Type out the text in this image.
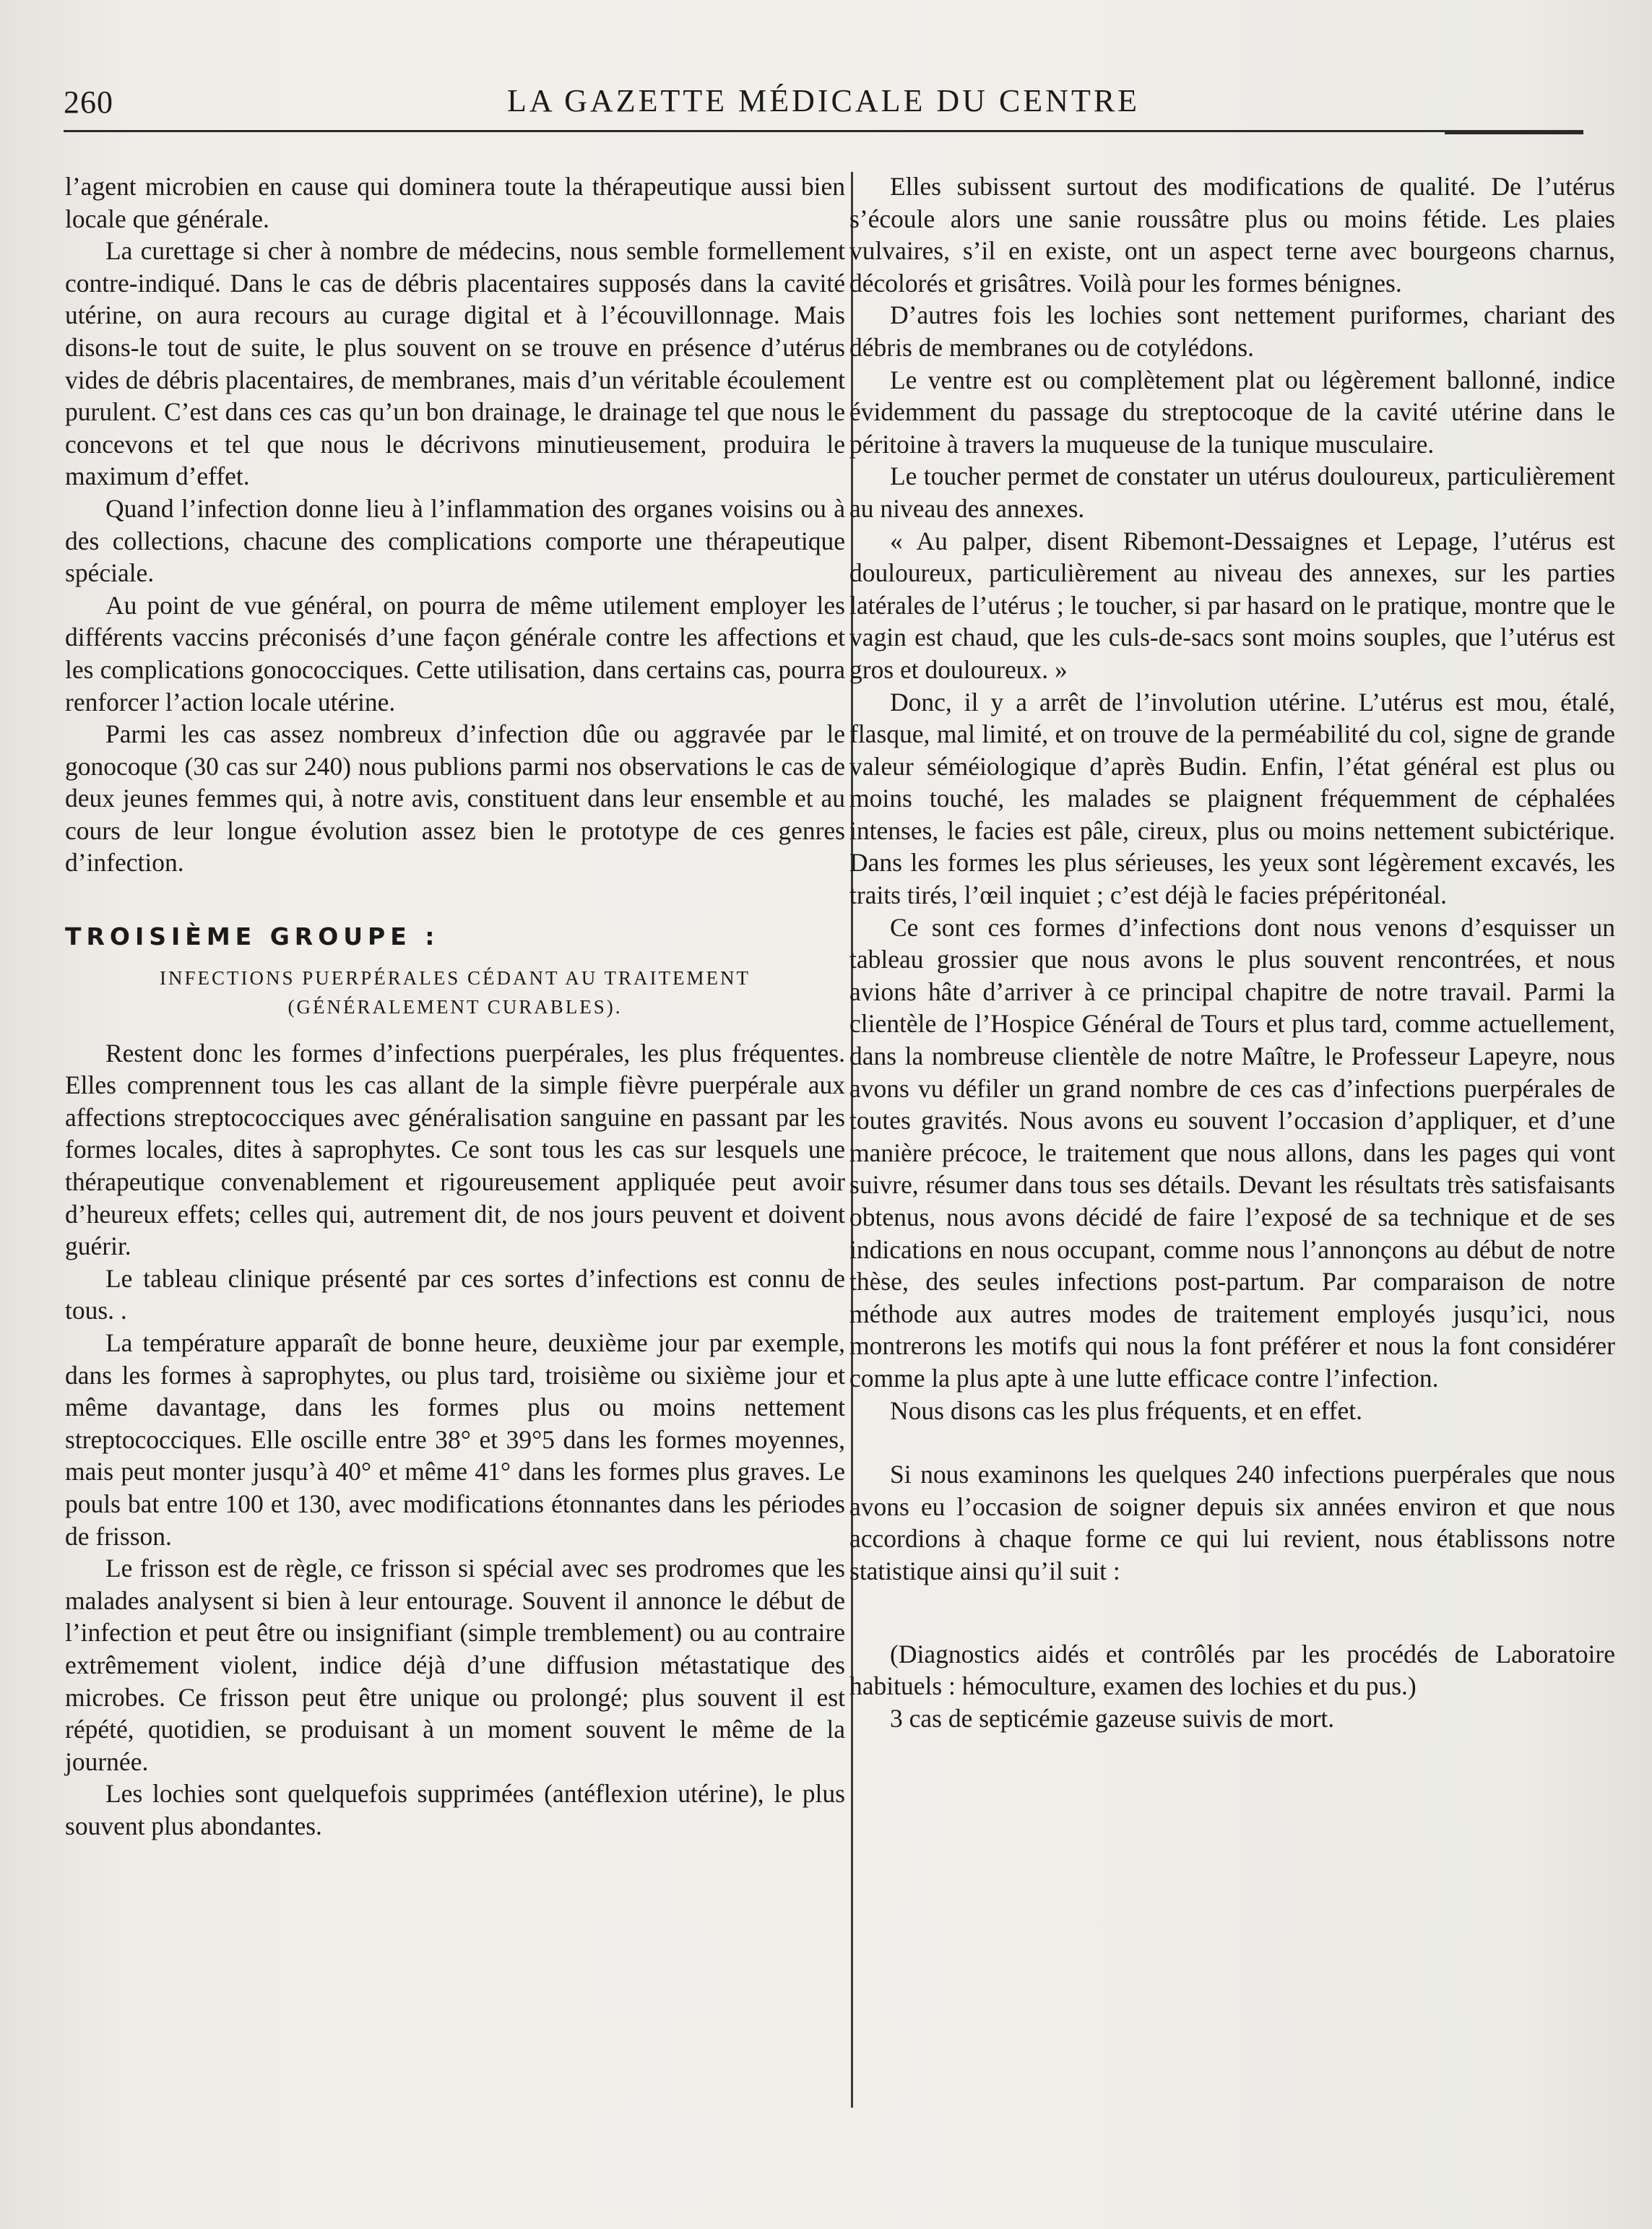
260	LA GAZETTE MÉDICALE DU CENTRE

l’agent microbien en cause qui dominera toute la thérapeutique aussi bien locale que générale.

La curettage si cher à nombre de médecins, nous semble formellement contre-indiqué. Dans le cas de débris placentaires supposés dans la cavité utérine, on aura recours au curage digital et à l’écouvillonnage. Mais disons-le tout de suite, le plus souvent on se trouve en présence d’utérus vides de débris placentaires, de membranes, mais d’un véritable écoulement purulent. C’est dans ces cas qu’un bon drainage, le drainage tel que nous le concevons et tel que nous le décrivons minutieusement, produira le maximum d’effet.

Quand l’infection donne lieu à l’inflammation des organes voisins ou à des collections, chacune des complications comporte une thérapeutique spéciale.

Au point de vue général, on pourra de même utilement employer les différents vaccins préconisés d’une façon générale contre les affections et les complications gonococciques. Cette utilisation, dans certains cas, pourra renforcer l’action locale utérine.

Parmi les cas assez nombreux d’infection dûe ou aggravée par le gonocoque (30 cas sur 240) nous publions parmi nos observations le cas de deux jeunes femmes qui, à notre avis, constituent dans leur ensemble et au cours de leur longue évolution assez bien le prototype de ces genres d’infection.

TROISIÈME GROUPE :
INFECTIONS PUERPÉRALES CÉDANT AU TRAITEMENT
(GÉNÉRALEMENT CURABLES).

Restent donc les formes d’infections puerpérales, les plus fréquentes. Elles comprennent tous les cas allant de la simple fièvre puerpérale aux affections streptococciques avec généralisation sanguine en passant par les formes locales, dites à saprophytes. Ce sont tous les cas sur lesquels une thérapeutique convenablement et rigoureusement appliquée peut avoir d’heureux effets; celles qui, autrement dit, de nos jours peuvent et doivent guérir.

Le tableau clinique présenté par ces sortes d’infections est connu de tous. .

La température apparaît de bonne heure, deuxième jour par exemple, dans les formes à saprophytes, ou plus tard, troisième ou sixième jour et même davantage, dans les formes plus ou moins nettement streptococciques. Elle oscille entre 38° et 39°5 dans les formes moyennes, mais peut monter jusqu’à 40° et même 41° dans les formes plus graves. Le pouls bat entre 100 et 130, avec modifications étonnantes dans les périodes de frisson.

Le frisson est de règle, ce frisson si spécial avec ses prodromes que les malades analysent si bien à leur entourage. Souvent il annonce le début de l’infection et peut être ou insignifiant (simple tremblement) ou au contraire extrêmement violent, indice déjà d’une diffusion métastatique des microbes. Ce frisson peut être unique ou prolongé; plus souvent il est répété, quotidien, se produisant à un moment souvent le même de la journée.

Les lochies sont quelquefois supprimées (antéflexion utérine), le plus souvent plus abondantes.

Elles subissent surtout des modifications de qualité. De l’utérus s’écoule alors une sanie roussâtre plus ou moins fétide. Les plaies vulvaires, s’il en existe, ont un aspect terne avec bourgeons charnus, décolorés et grisâtres. Voilà pour les formes bénignes.

D’autres fois les lochies sont nettement puriformes, chariant des débris de membranes ou de cotylédons.

Le ventre est ou complètement plat ou légèrement ballonné, indice évidemment du passage du streptocoque de la cavité utérine dans le péritoine à travers la muqueuse de la tunique musculaire.

Le toucher permet de constater un utérus douloureux, particulièrement au niveau des annexes.

« Au palper, disent Ribemont-Dessaignes et Lepage, l’utérus est douloureux, particulièrement au niveau des annexes, sur les parties latérales de l’utérus ; le toucher, si par hasard on le pratique, montre que le vagin est chaud, que les culs-de-sacs sont moins souples, que l’utérus est gros et douloureux. »

Donc, il y a arrêt de l’involution utérine. L’utérus est mou, étalé, flasque, mal limité, et on trouve de la perméabilité du col, signe de grande valeur séméiologique d’après Budin. Enfin, l’état général est plus ou moins touché, les malades se plaignent fréquemment de céphalées intenses, le facies est pâle, cireux, plus ou moins nettement subictérique. Dans les formes les plus sérieuses, les yeux sont légèrement excavés, les traits tirés, l’œil inquiet ; c’est déjà le facies prépéritonéal.

Ce sont ces formes d’infections dont nous venons d’esquisser un tableau grossier que nous avons le plus souvent rencontrées, et nous avions hâte d’arriver à ce principal chapitre de notre travail. Parmi la clientèle de l’Hospice Général de Tours et plus tard, comme actuellement, dans la nombreuse clientèle de notre Maître, le Professeur Lapeyre, nous avons vu défiler un grand nombre de ces cas d’infections puerpérales de toutes gravités. Nous avons eu souvent l’occasion d’appliquer, et d’une manière précoce, le traitement que nous allons, dans les pages qui vont suivre, résumer dans tous ses détails. Devant les résultats très satisfaisants obtenus, nous avons décidé de faire l’exposé de sa technique et de ses indications en nous occupant, comme nous l’annonçons au début de notre thèse, des seules infections post-partum. Par comparaison de notre méthode aux autres modes de traitement employés jusqu’ici, nous montrerons les motifs qui nous la font préférer et nous la font considérer comme la plus apte à une lutte efficace contre l’infection.

Nous disons cas les plus fréquents, et en effet.

Si nous examinons les quelques 240 infections puerpérales que nous avons eu l’occasion de soigner depuis six années environ et que nous accordions à chaque forme ce qui lui revient, nous établissons notre statistique ainsi qu’il suit :

(Diagnostics aidés et contrôlés par les procédés de Laboratoire habituels : hémoculture, examen des lochies et du pus.)

3 cas de septicémie gazeuse suivis de mort.
